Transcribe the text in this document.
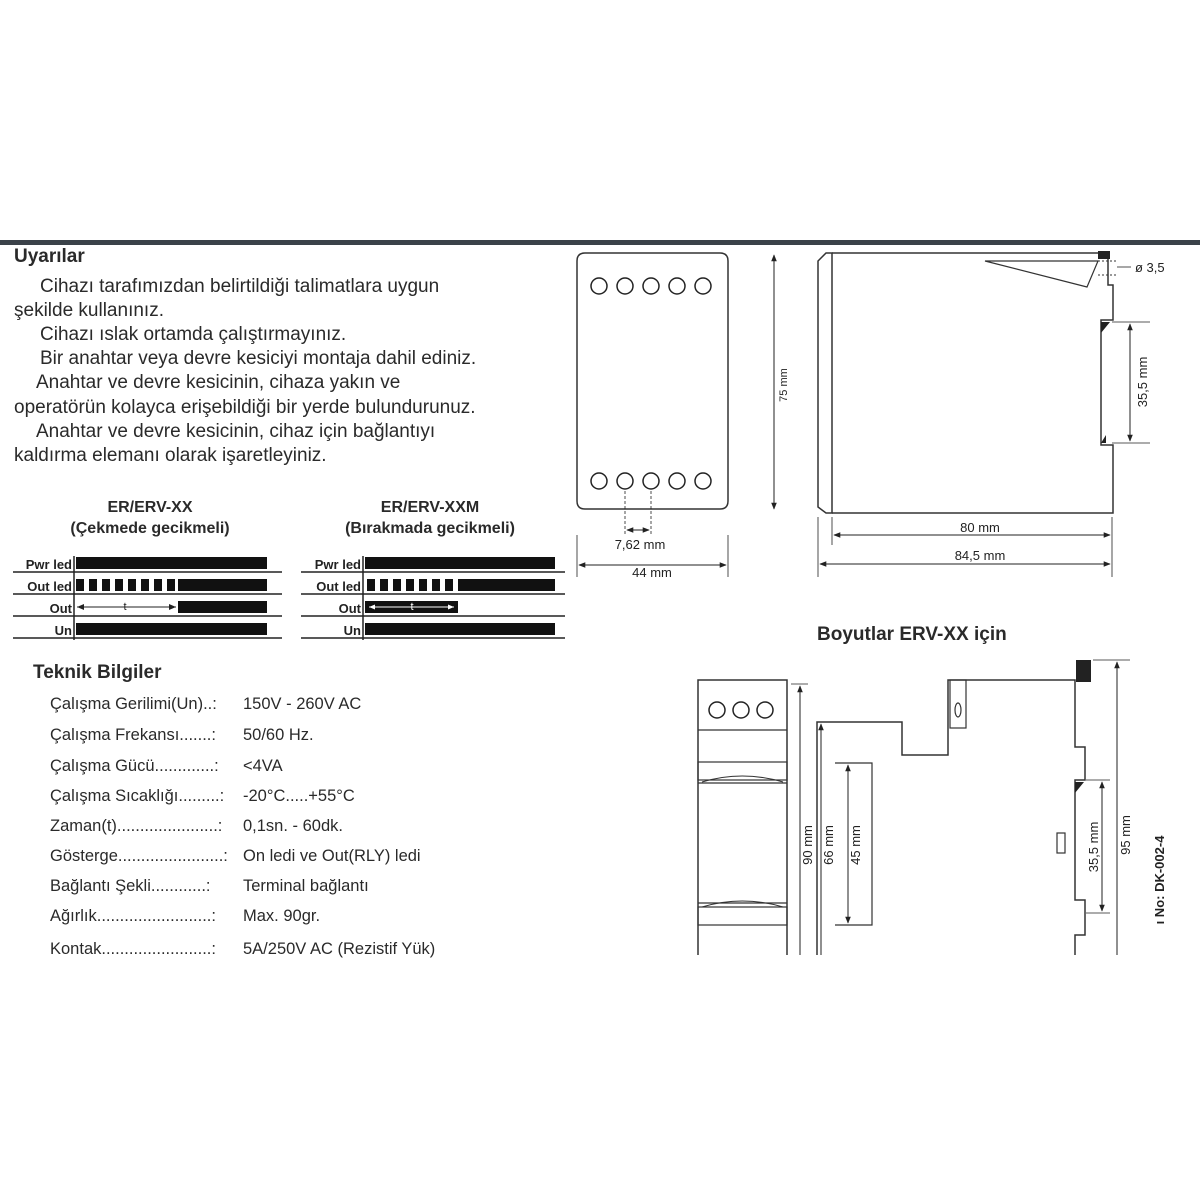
Uyarılar
Cihazı tarafımızdan belirtildiği talimatlara uygun
şekilde kullanınız.
Cihazı ıslak ortamda çalıştırmayınız.
Bir anahtar veya devre kesiciyi montaja dahil ediniz.
Anahtar ve devre kesicinin, cihaza yakın ve
operatörün kolayca erişebildiği bir yerde bulundurunuz.
Anahtar ve devre kesicinin, cihaz için bağlantıyı
kaldırma elemanı olarak işaretleyiniz.
ER/ERV-XX
(Çekmede gecikmeli)
ER/ERV-XXM
(Bırakmada gecikmeli)
Pwr led
Out led
Out
Un
t
Pwr led
Out led
Out
Un
t
Teknik Bilgiler
Çalışma Gerilimi(Un)..: 150V - 260V AC
Çalışma Frekansı.......: 50/60 Hz.
Çalışma Gücü.............: <4VA
Çalışma Sıcaklığı.........: -20°C.....+55°C
Zaman(t)......................: 0,1sn. - 60dk.
Gösterge.......................: On ledi ve Out(RLY) ledi
Bağlantı Şekli............: Terminal bağlantı
Ağırlık.........................: Max. 90gr.
Kontak........................: 5A/250V AC (Rezistif Yük)
75 mm
7,62 mm
44 mm
ø 3,5
35,5 mm
80 mm
84,5 mm
Boyutlar ERV-XX için
90 mm 66 mm 45 mm	35,5 mm 95 mm
ı No: DK-002-4
